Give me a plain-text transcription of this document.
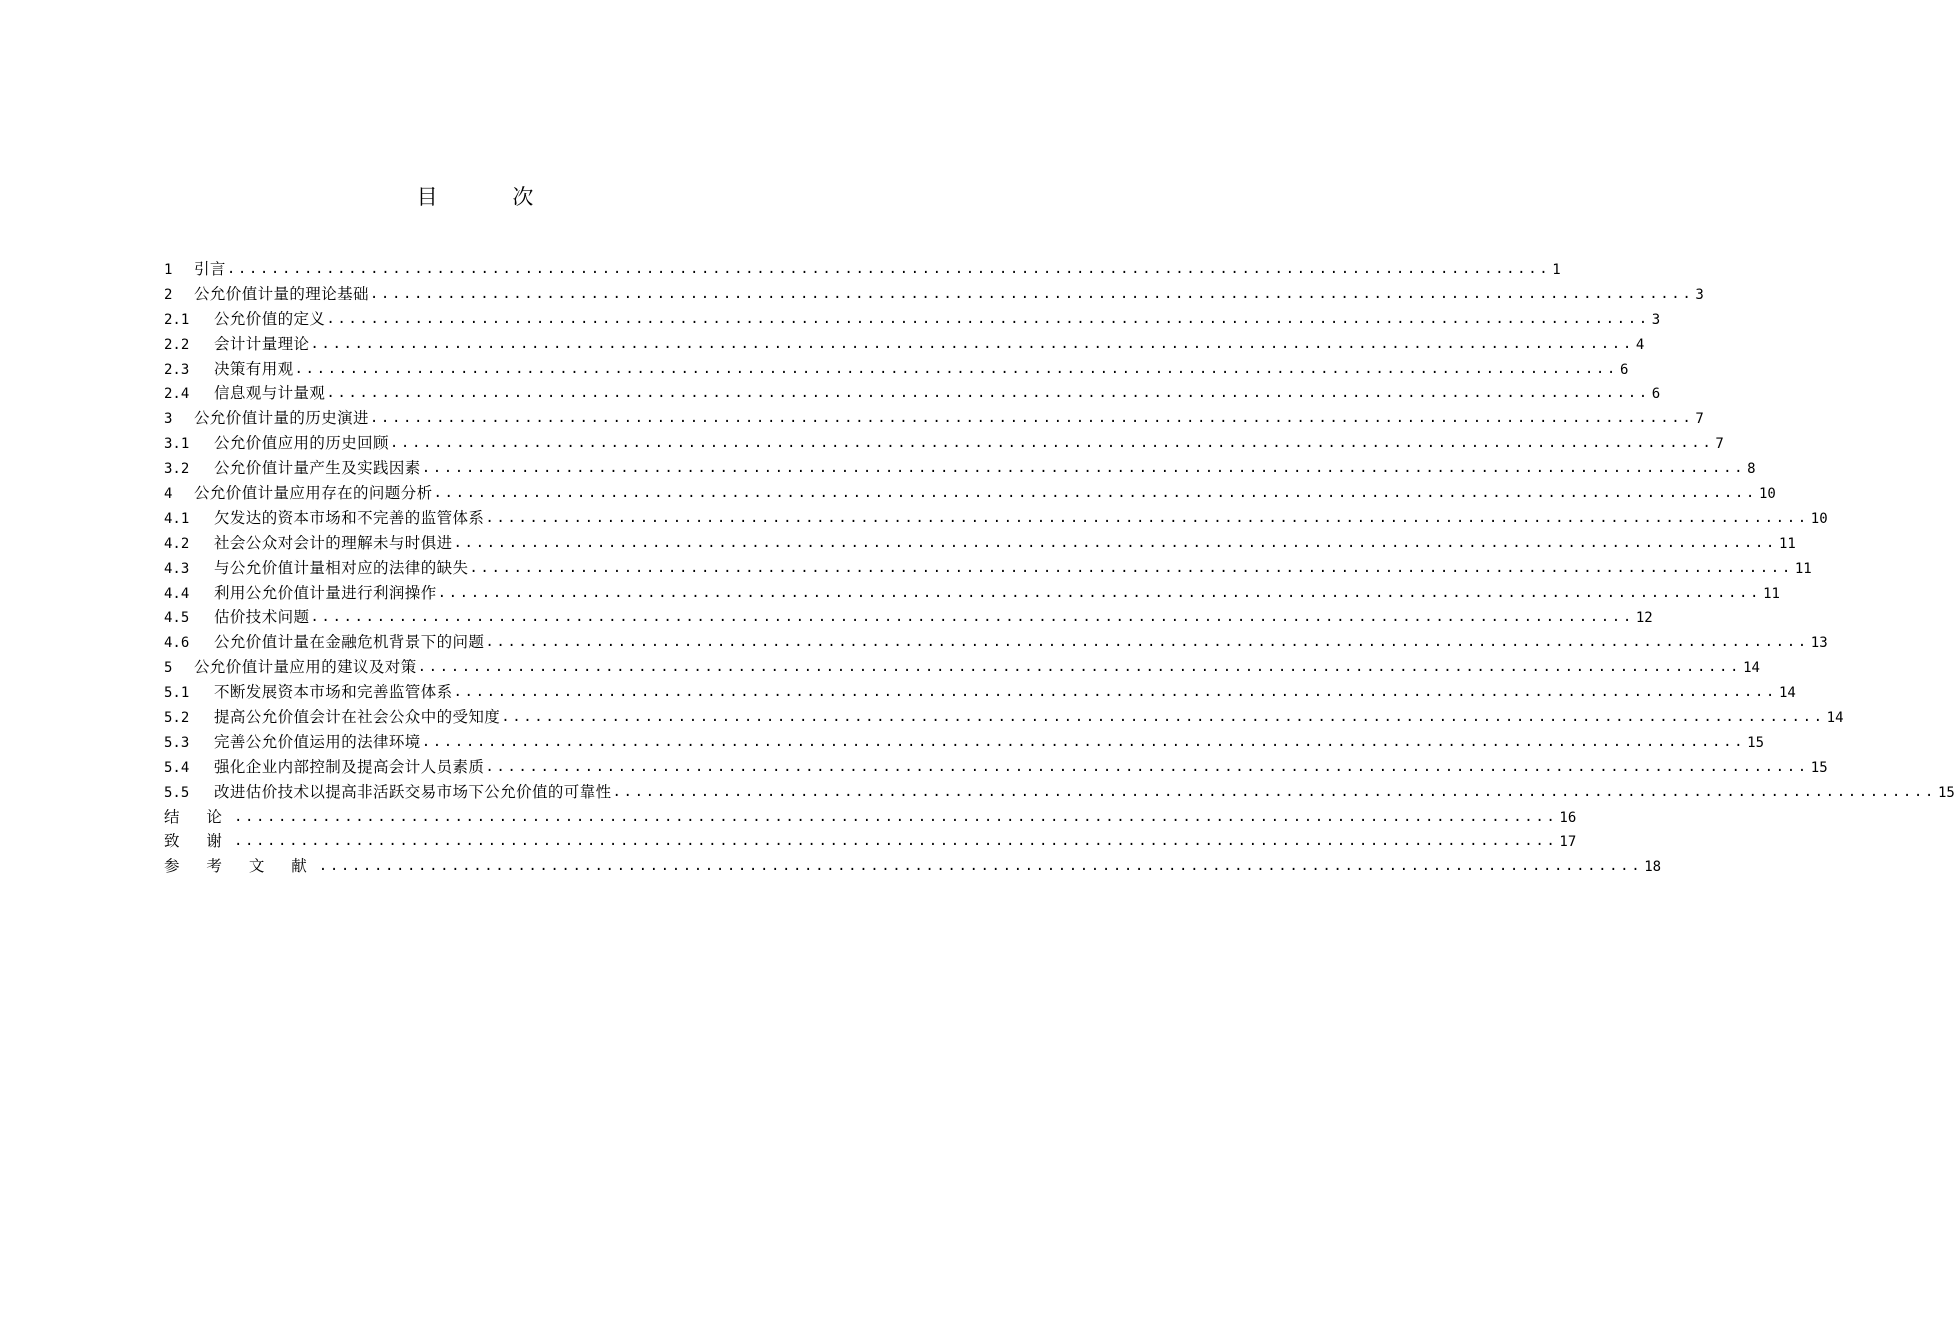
目 次
1	引言 ........................................................................................................................ 1
2	公允价值计量的理论基础 ........................................................................................................................ 3
2.1	公允价值的定义 ........................................................................................................................ 3
2.2	会计计量理论 ........................................................................................................................ 4
2.3	决策有用观 ........................................................................................................................ 6
2.4	信息观与计量观 ........................................................................................................................ 6
3	公允价值计量的历史演进 ........................................................................................................................ 7
3.1	公允价值应用的历史回顾 ........................................................................................................................ 7
3.2	公允价值计量产生及实践因素 ........................................................................................................................ 8
4	公允价值计量应用存在的问题分析 ........................................................................................................................ 10
4.1	欠发达的资本市场和不完善的监管体系 ........................................................................................................................ 10
4.2	社会公众对会计的理解未与时俱进 ........................................................................................................................ 11
4.3	与公允价值计量相对应的法律的缺失 ........................................................................................................................ 11
4.4	利用公允价值计量进行利润操作 ........................................................................................................................ 11
4.5	估价技术问题 ........................................................................................................................ 12
4.6	公允价值计量在金融危机背景下的问题 ........................................................................................................................ 13
5	公允价值计量应用的建议及对策 ........................................................................................................................ 14
5.1	不断发展资本市场和完善监管体系 ........................................................................................................................ 14
5.2	提高公允价值会计在社会公众中的受知度 ........................................................................................................................ 14
5.3	完善公允价值运用的法律环境 ........................................................................................................................ 15
5.4	强化企业内部控制及提高会计人员素质 ........................................................................................................................ 15
5.5	改进估价技术以提高非活跃交易市场下公允价值的可靠性 ........................................................................................................................ 15
结 论 ........................................................................................................................ 16
致 谢 ........................................................................................................................ 17
参 考 文 献 ........................................................................................................................ 18
